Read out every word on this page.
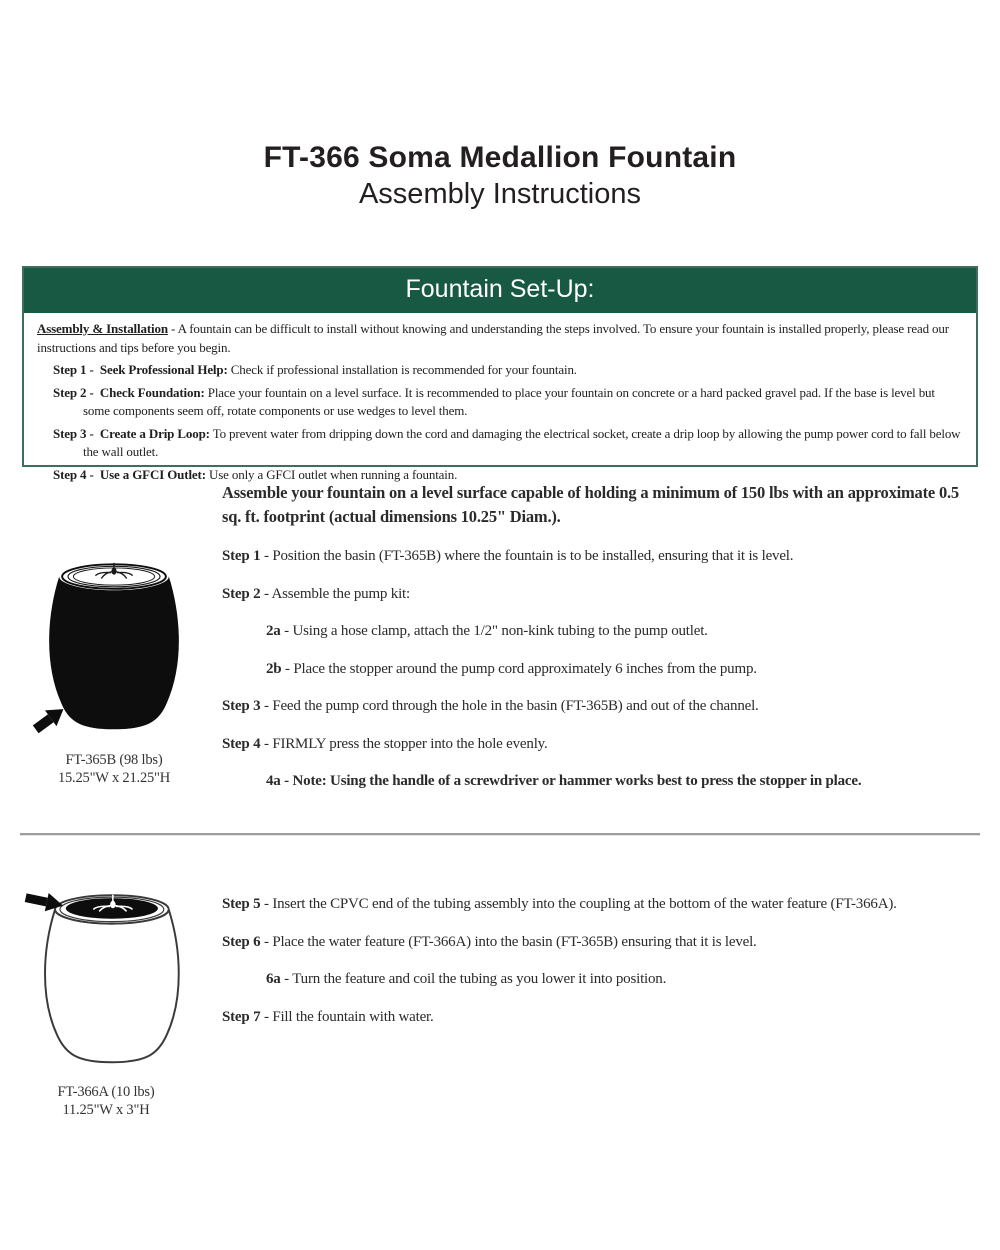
FT-366 Soma Medallion Fountain
Assembly Instructions
Fountain Set-Up:
Assembly & Installation - A fountain can be difficult to install without knowing and understanding the steps involved. To ensure your fountain is installed properly, please read our instructions and tips before you begin.
Step 1 - Seek Professional Help: Check if professional installation is recommended for your fountain.
Step 2 - Check Foundation: Place your fountain on a level surface. It is recommended to place your fountain on concrete or a hard packed gravel pad. If the base is level but some components seem off, rotate components or use wedges to level them.
Step 3 - Create a Drip Loop: To prevent water from dripping down the cord and damaging the electrical socket, create a drip loop by allowing the pump power cord to fall below the wall outlet.
Step 4 - Use a GFCI Outlet: Use only a GFCI outlet when running a fountain.
Assemble your fountain on a level surface capable of holding a minimum of 150 lbs with an approximate 0.5 sq. ft. footprint (actual dimensions 10.25" Diam.).
Step 1 - Position the basin (FT-365B) where the fountain is to be installed, ensuring that it is level.
Step 2 - Assemble the pump kit:
2a - Using a hose clamp, attach the 1/2" non-kink tubing to the pump outlet.
2b - Place the stopper around the pump cord approximately 6 inches from the pump.
Step 3 - Feed the pump cord through the hole in the basin (FT-365B) and out of the channel.
Step 4 - FIRMLY press the stopper into the hole evenly.
4a - Note: Using the handle of a screwdriver or hammer works best to press the stopper in place.
FT-365B (98 lbs)
15.25"W x 21.25"H
Step 5 - Insert the CPVC end of the tubing assembly into the coupling at the bottom of the water feature (FT-366A).
Step 6 - Place the water feature (FT-366A) into the basin (FT-365B) ensuring that it is level.
6a - Turn the feature and coil the tubing as you lower it into position.
Step 7 - Fill the fountain with water.
FT-366A (10 lbs)
11.25"W x 3"H
